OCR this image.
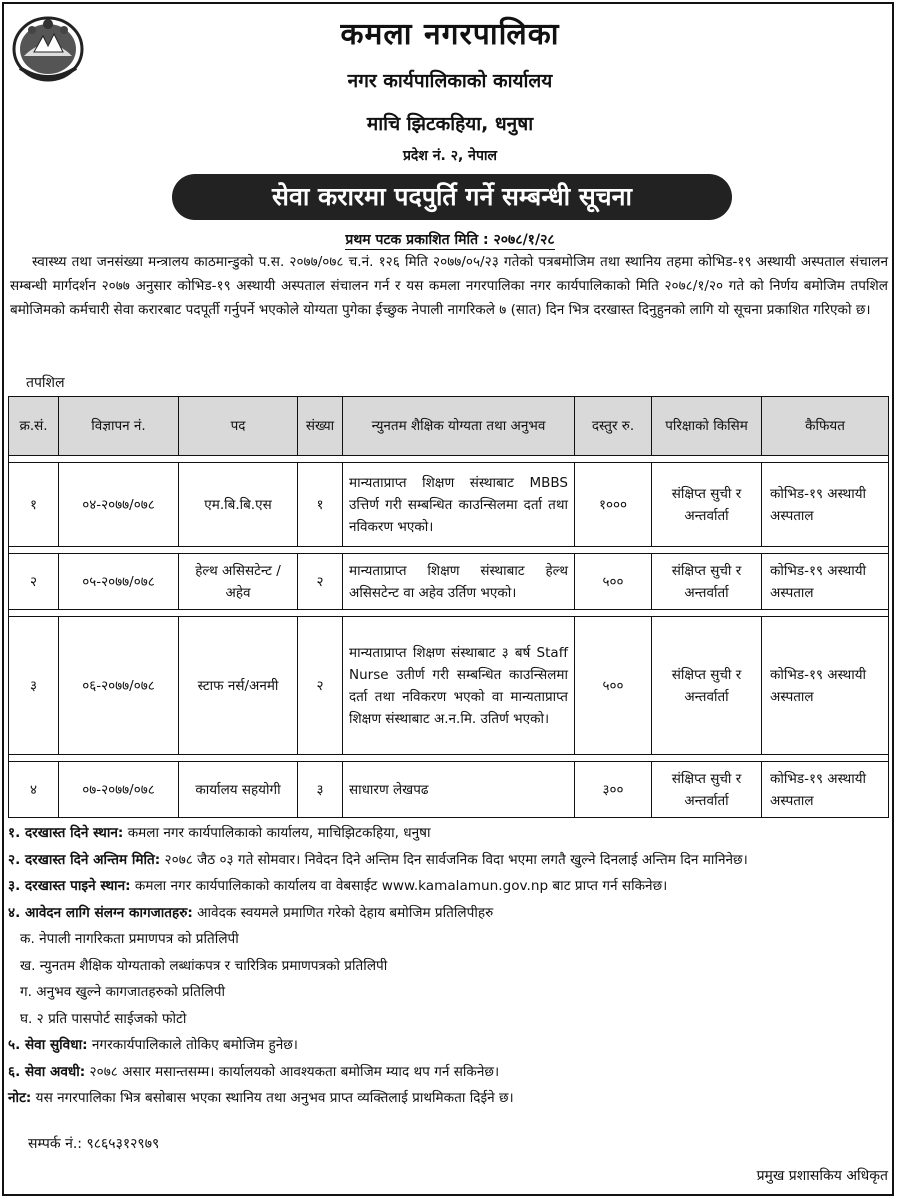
कमला नगरपालिका
नगर कार्यपालिकाको कार्यालय
माचि झिटकहिया, धनुषा
प्रदेश नं. २, नेपाल
सेवा करारमा पदपुर्ति गर्ने सम्बन्धी सूचना
प्रथम पटक प्रकाशित मिति : २०७८/१/२८

स्वास्थ्य तथा जनसंख्या मन्त्रालय काठमान्डुको प.स. २०७७/०७८ च.नं. १२६ मिति २०७७/०५/२३ गतेको पत्रबमोजिम तथा स्थानिय तहमा कोभिड-१९ अस्थायी अस्पताल संचालन सम्बन्धी मार्गदर्शन २०७७ अनुसार कोभिड-१९ अस्थायी अस्पताल संचालन गर्न र यस कमला नगरपालिका नगर कार्यपालिकाको मिति २०७८/१/२० गते को निर्णय बमोजिम तपशिल बमोजिमको कर्मचारी सेवा करारबाट पदपूर्ती गर्नुपर्ने भएकोले योग्यता पुगेका ईच्छुक नेपाली नागरिकले ७ (सात) दिन भित्र दरखास्त दिनुहुनको लागि यो सूचना प्रकाशित गरिएको छ।

तपशिल
क्र.सं.	विज्ञापन नं.	पद	संख्या	न्युनतम शैक्षिक योग्यता तथा अनुभव	दस्तुर रु.	परिक्षाको किसिम	कैफियत

१	०४-२०७७/०७८	एम.बि.बि.एस	१	मान्यताप्राप्त शिक्षण संस्थाबाट MBBS उत्तिर्ण गरी सम्बन्धित काउन्सिलमा दर्ता तथा नविकरण भएको।	१०००	संक्षिप्त सुची र अन्तर्वार्ता	कोभिड-१९ अस्थायी अस्पताल

२	०५-२०७७/०७८	हेल्थ असिसटेन्ट / अहेव	२	मान्यताप्राप्त शिक्षण संस्थाबाट हेल्थ असिसटेन्ट वा अहेव उर्तिण भएको।	५००	संक्षिप्त सुची र अन्तर्वार्ता	कोभिड-१९ अस्थायी अस्पताल

३	०६-२०७७/०७८	स्टाफ नर्स/अनमी	२	मान्यताप्राप्त शिक्षण संस्थाबाट ३ बर्ष Staff Nurse उतीर्ण गरी सम्बन्धित काउन्सिलमा दर्ता तथा नविकरण भएको वा मान्यताप्राप्त शिक्षण संस्थाबाट अ.न.मि. उतिर्ण भएको।	५००	संक्षिप्त सुची र अन्तर्वार्ता	कोभिड-१९ अस्थायी अस्पताल

४	०७-२०७७/०७८	कार्यालय सहयोगी	३	साधारण लेखपढ	३००	संक्षिप्त सुची र अन्तर्वार्ता	कोभिड-१९ अस्थायी अस्पताल
१. दरखास्त दिने स्थान: कमला नगर कार्यपालिकाको कार्यालय, माचिझिटकहिया, धनुषा
२. दरखास्त दिने अन्तिम मिति: २०७८ जैठ ०३ गते सोमवार। निवेदन दिने अन्तिम दिन सार्वजनिक विदा भएमा लगतै खुल्ने दिनलाई अन्तिम दिन मानिनेछ।
३. दरखास्त पाइने स्थान: कमला नगर कार्यपालिकाको कार्यालय वा वेबसाईट www.kamalamun.gov.np बाट प्राप्त गर्न सकिनेछ।
४. आवेदन लागि संलग्न कागजातहरु: आवेदक स्वयमले प्रमाणित गरेको देहाय बमोजिम प्रतिलिपीहरु
क. नेपाली नागरिकता प्रमाणपत्र को प्रतिलिपी
ख. न्युनतम शैक्षिक योग्यताको लब्धांकपत्र र चारित्रिक प्रमाणपत्रको प्रतिलिपी
ग. अनुभव खुल्ने कागजातहरुको प्रतिलिपी
घ. २ प्रति पासपोर्ट साईजको फोटो
५. सेवा सुविधा: नगरकार्यपालिकाले तोकिए बमोजिम हुनेछ।
६. सेवा अवधी: २०७८ असार मसान्तसम्म। कार्यालयको आवश्यकता बमोजिम म्याद थप गर्न सकिनेछ।
नोट: यस नगरपालिका भित्र बसोबास भएका स्थानिय तथा अनुभव प्राप्त व्यक्तिलाई प्राथमिकता दिईने छ।
सम्पर्क नं.: ९८६५३१२९७९
प्रमुख प्रशासकिय अधिकृत
